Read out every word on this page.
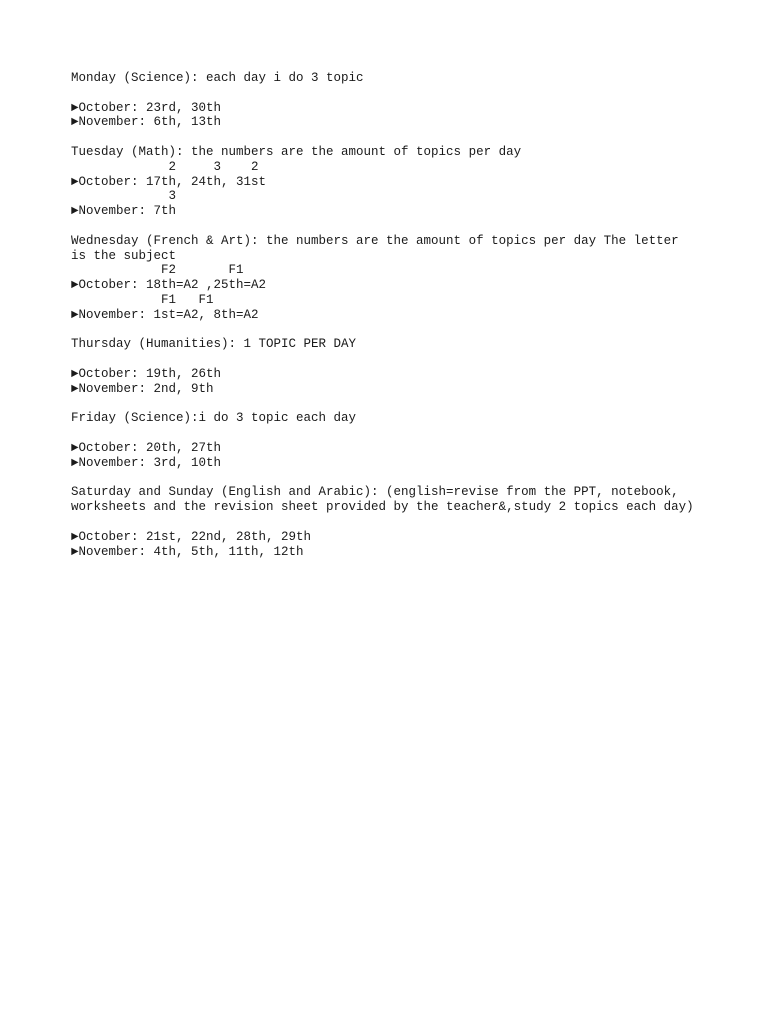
Monday (Science): each day i do 3 topic
►October: 23rd, 30th
►November: 6th, 13th
Tuesday (Math): the numbers are the amount of topics per day
2     3    2
►October: 17th, 24th, 31st
3
►November: 7th
Wednesday (French & Art): the numbers are the amount of topics per day The letter
is the subject
F2       F1
►October: 18th=A2 ,25th=A2
F1   F1
►November: 1st=A2, 8th=A2
Thursday (Humanities): 1 TOPIC PER DAY
►October: 19th, 26th
►November: 2nd, 9th
Friday (Science):i do 3 topic each day
►October: 20th, 27th
►November: 3rd, 10th
Saturday and Sunday (English and Arabic): (english=revise from the PPT, notebook,
worksheets and the revision sheet provided by the teacher&,study 2 topics each day)
►October: 21st, 22nd, 28th, 29th
►November: 4th, 5th, 11th, 12th
